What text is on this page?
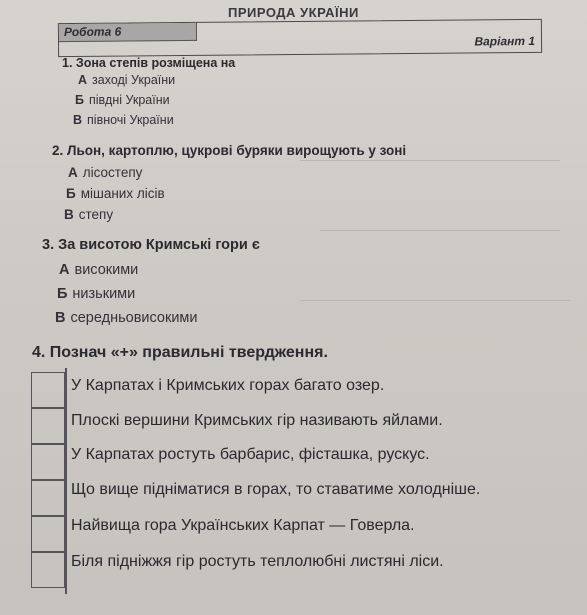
ПРИРОДА УКРАЇНИ
Робота 6
Варіант 1
1. Зона степів розміщена на
А заході України
Б півдні України
В півночі України
2. Льон, картоплю, цукрові буряки вирощують у зоні
А лісостепу
Б мішаних лісів
В степу
3. За висотою Кримські гори є
А високими
Б низькими
В середньовисокими
4. Познач «+» правильні твердження.
У Карпатах і Кримських горах багато озер.
Плоскі вершини Кримських гір називають яйлами.
У Карпатах ростуть барбарис, фісташка, рускус.
Що вище підніматися в горах, то ставатиме холодніше.
Найвища гора Українських Карпат — Говерла.
Біля підніжжя гір ростуть теплолюбні листяні ліси.
